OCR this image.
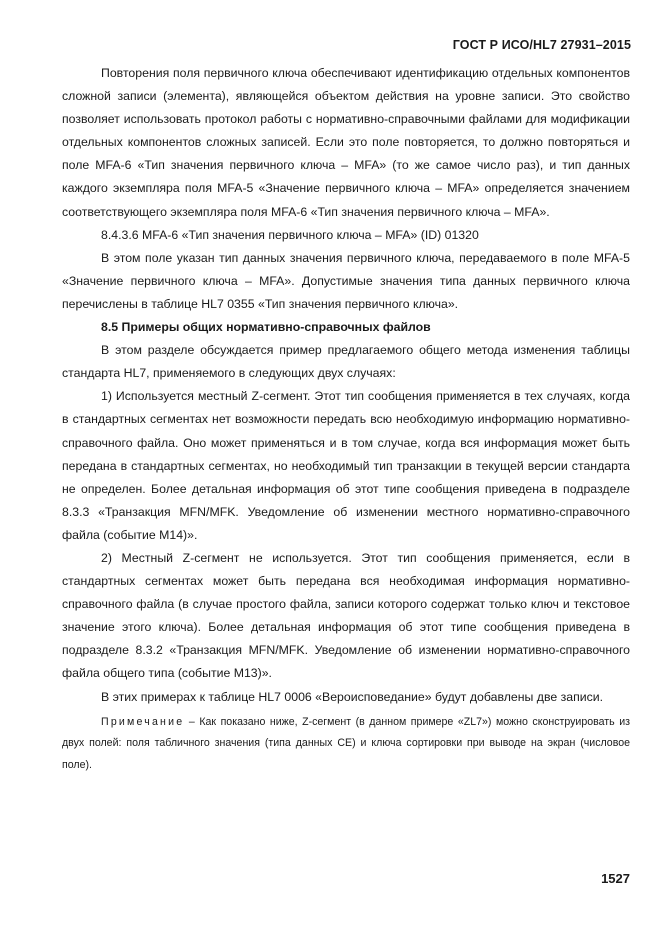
ГОСТ Р ИСО/HL7 27931–2015

Повторения поля первичного ключа обеспечивают идентификацию отдельных компонентов сложной записи (элемента), являющейся объектом действия на уровне записи. Это свойство позволяет использовать протокол работы с нормативно-справочными файлами для модификации отдельных компонентов сложных записей. Если это поле повторяется, то должно повторяться и поле MFA-6 «Тип значения первичного ключа – MFA» (то же самое число раз), и тип данных каждого экземпляра поля MFA-5 «Значение первичного ключа – MFA» определяется значением соответствующего экземпляра поля MFA-6 «Тип значения первичного ключа – MFA».

8.4.3.6 MFA-6 «Тип значения первичного ключа – MFA» (ID) 01320

В этом поле указан тип данных значения первичного ключа, передаваемого в поле MFA-5 «Значение первичного ключа – MFA». Допустимые значения типа данных первичного ключа перечислены в таблице HL7 0355 «Тип значения первичного ключа».

8.5 Примеры общих нормативно-справочных файлов

В этом разделе обсуждается пример предлагаемого общего метода изменения таблицы стандарта HL7, применяемого в следующих двух случаях:

1) Используется местный Z-сегмент. Этот тип сообщения применяется в тех случаях, когда в стандартных сегментах нет возможности передать всю необходимую информацию нормативно-справочного файла. Оно может применяться и в том случае, когда вся информация может быть передана в стандартных сегментах, но необходимый тип транзакции в текущей версии стандарта не определен. Более детальная информация об этот типе сообщения приведена в подразделе 8.3.3 «Транзакция MFN/MFK. Уведомление об изменении местного нормативно-справочного файла (событие M14)».

2) Местный Z-сегмент не используется. Этот тип сообщения применяется, если в стандартных сегментах может быть передана вся необходимая информация нормативно-справочного файла (в случае простого файла, записи которого содержат только ключ и текстовое значение этого ключа). Более детальная информация об этот типе сообщения приведена в подразделе 8.3.2 «Транзакция MFN/MFK. Уведомление об изменении нормативно-справочного файла общего типа (событие M13)».

В этих примерах к таблице HL7 0006 «Вероисповедание» будут добавлены две записи.

Примечание – Как показано ниже, Z-сегмент (в данном примере «ZL7») можно сконструировать из двух полей: поля табличного значения (типа данных CE) и ключа сортировки при выводе на экран (числовое поле).

1527
